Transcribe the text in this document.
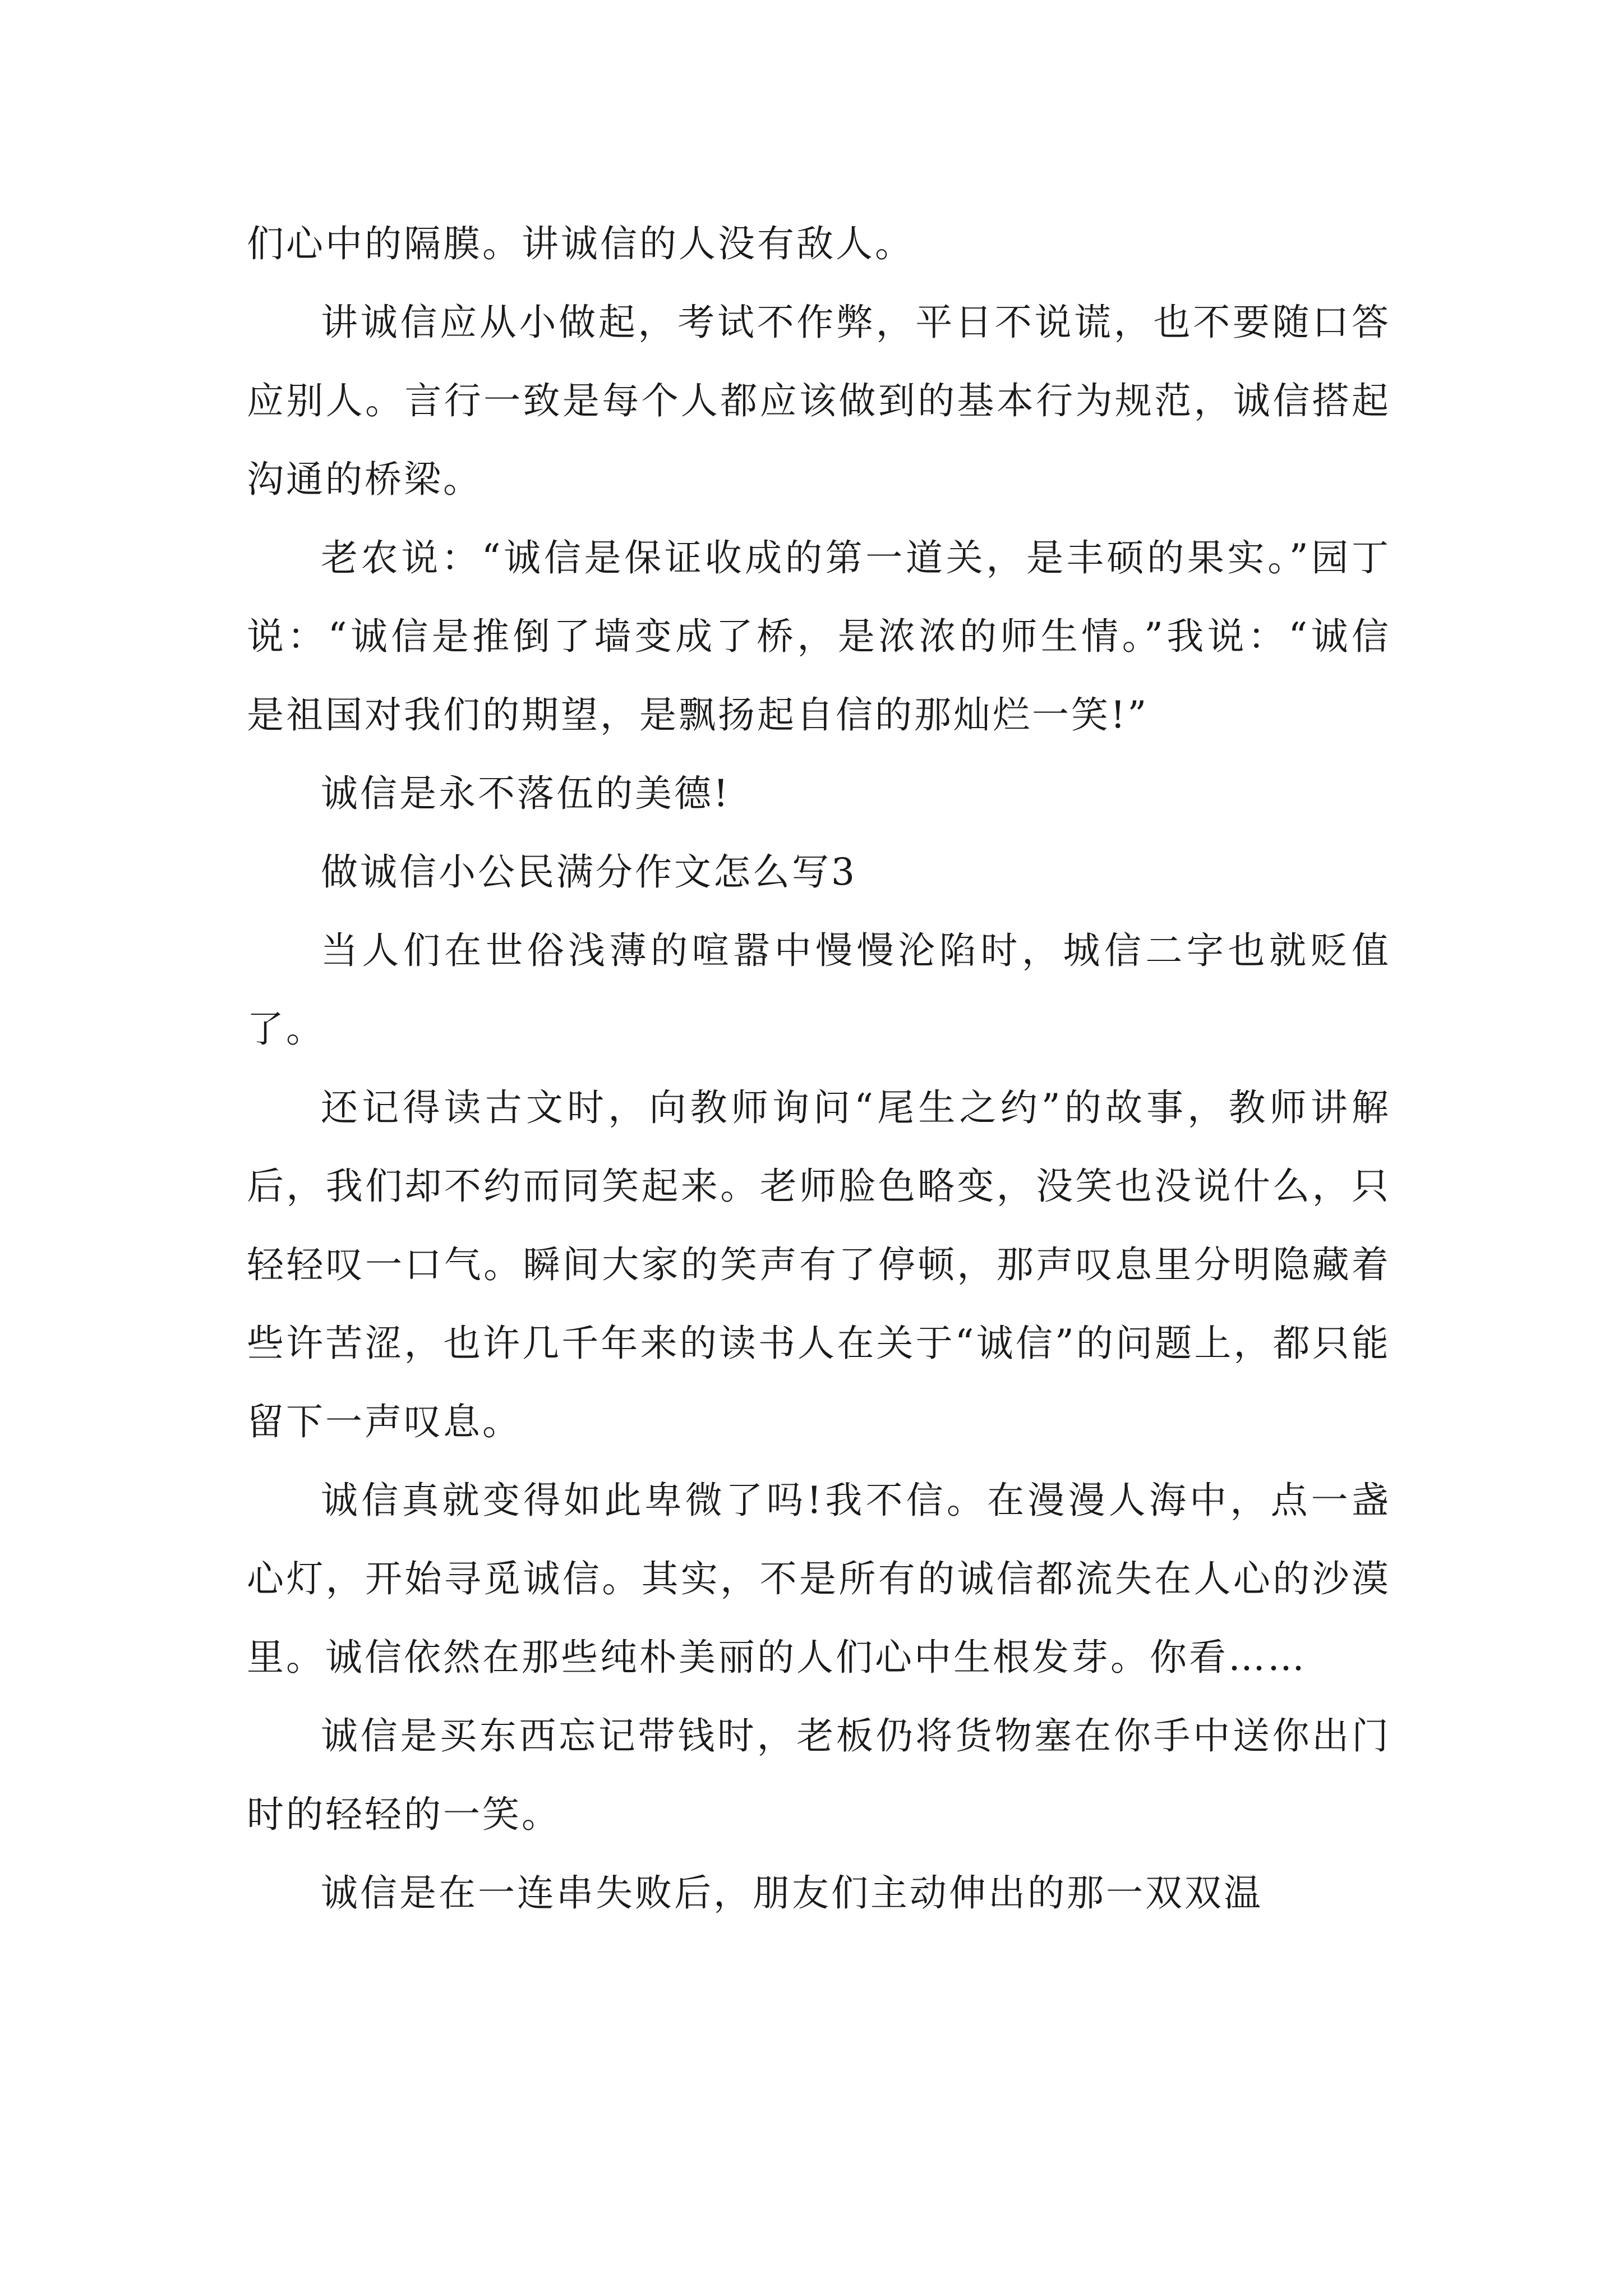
们心中的隔膜。讲诚信的人没有敌人。

讲诚信应从小做起，考试不作弊，平日不说谎，也不要随口答应别人。言行一致是每个人都应该做到的基本行为规范，诚信搭起沟通的桥梁。

老农说：“诚信是保证收成的第一道关，是丰硕的果实。”园丁说：“诚信是推倒了墙变成了桥，是浓浓的师生情。”我说：“诚信是祖国对我们的期望，是飘扬起自信的那灿烂一笑!”

诚信是永不落伍的美德!

做诚信小公民满分作文怎么写3

当人们在世俗浅薄的喧嚣中慢慢沦陷时，城信二字也就贬值了。

还记得读古文时，向教师询问“尾生之约”的故事，教师讲解后，我们却不约而同笑起来。老师脸色略变，没笑也没说什么，只轻轻叹一口气。瞬间大家的笑声有了停顿，那声叹息里分明隐藏着些许苦涩，也许几千年来的读书人在关于“诚信”的问题上，都只能留下一声叹息。

诚信真就变得如此卑微了吗!我不信。在漫漫人海中，点一盏心灯，开始寻觅诚信。其实，不是所有的诚信都流失在人心的沙漠里。诚信依然在那些纯朴美丽的人们心中生根发芽。你看……

诚信是买东西忘记带钱时，老板仍将货物塞在你手中送你出门时的轻轻的一笑。

诚信是在一连串失败后，朋友们主动伸出的那一双双温
